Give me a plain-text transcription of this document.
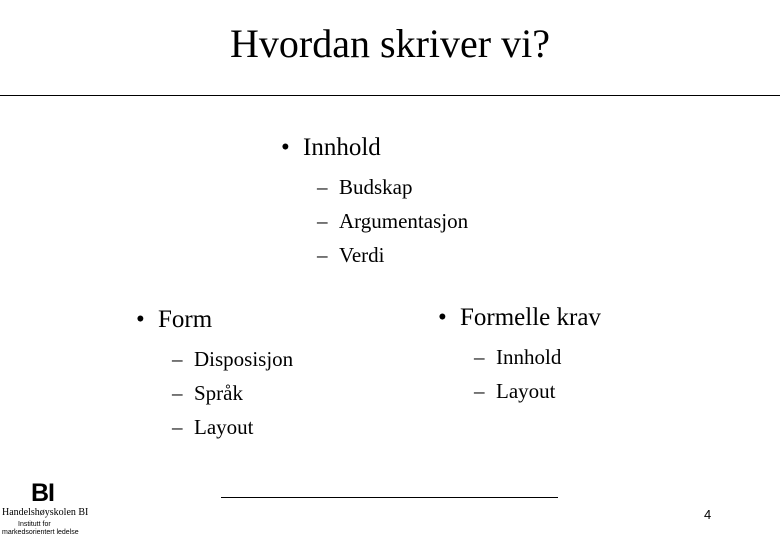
Hvordan skriver vi?
• Innhold
– Budskap
– Argumentasjon
– Verdi
• Form
– Disposisjon
– Språk
– Layout
• Formelle krav
– Innhold
– Layout
4
BI
Handelshøyskolen BI
Institutt for
markedsorientert ledelse
